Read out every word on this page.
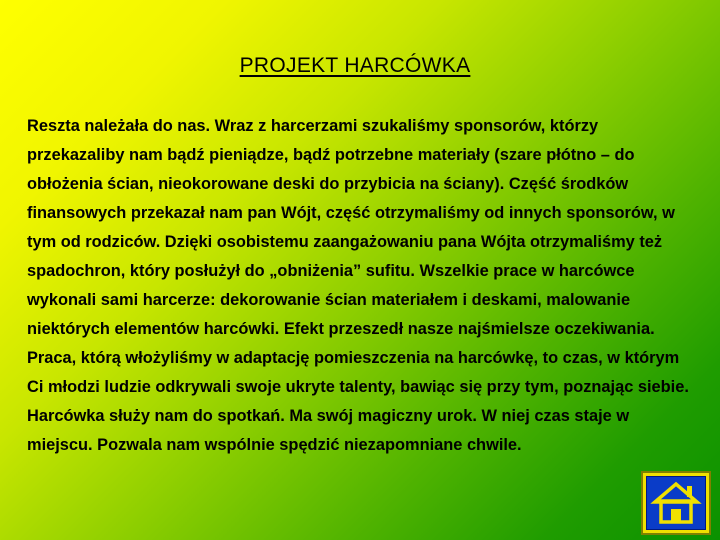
PROJEKT HARCÓWKA

Reszta należała do nas. Wraz z harcerzami szukaliśmy sponsorów, którzy przekazaliby nam bądź pieniądze, bądź potrzebne materiały (szare płótno – do obłożenia ścian, nieokorowane deski do przybicia na ściany). Część środków finansowych przekazał nam pan Wójt, część otrzymaliśmy od innych sponsorów, w tym od rodziców. Dzięki osobistemu zaangażowaniu pana Wójta otrzymaliśmy też spadochron, który posłużył do „obniżenia” sufitu. Wszelkie prace w harcówce wykonali sami harcerze: dekorowanie ścian materiałem i deskami, malowanie niektórych elementów harcówki. Efekt przeszedł nasze najśmielsze oczekiwania.

Praca, którą włożyliśmy w adaptację pomieszczenia na harcówkę, to czas, w którym Ci młodzi ludzie odkrywali swoje ukryte talenty, bawiąc się przy tym, poznając siebie. Harcówka służy nam do spotkań. Ma swój magiczny urok. W niej czas staje w miejscu. Pozwala nam wspólnie spędzić niezapomniane chwile.
